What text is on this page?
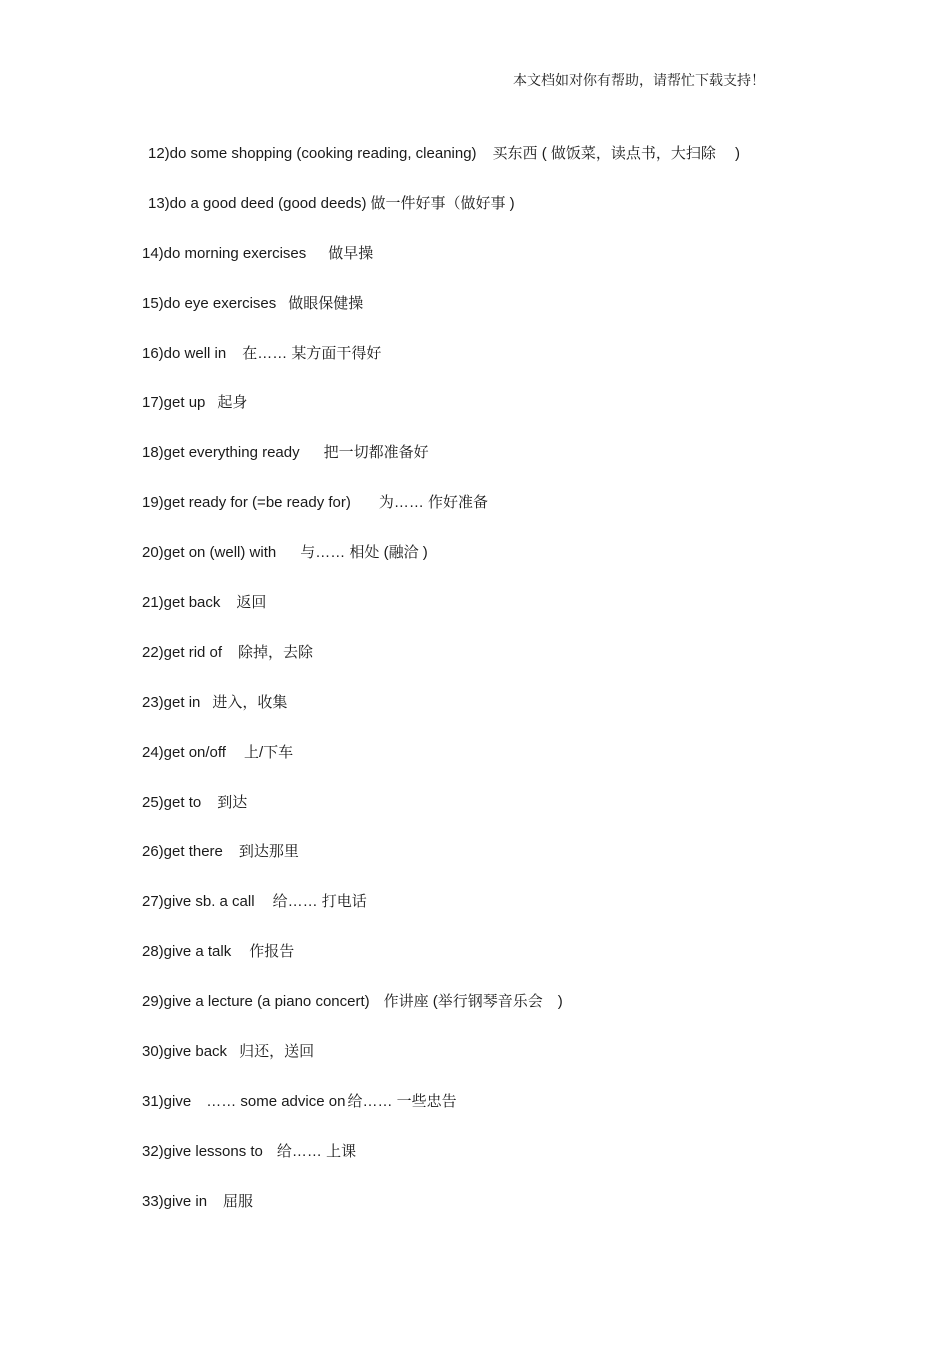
本文档如对你有帮助，请帮忙下载支持！
12)do some shopping (cooking reading, cleaning) 买东西 ( 做饭菜，读点书，大扫除　 )
13)do a good deed (good deeds) 做一件好事（做好事 )
14)do morning exercises 做早操
15)do eye exercises 做眼保健操
16)do well in 在…… 某方面干得好
17)get up 起身
18)get everything ready 把一切都准备好
19)get ready for (=be ready for) 为…… 作好准备
20)get on (well) with 与…… 相处 (融洽 )
21)get back 返回
22)get rid of 除掉，去除
23)get in 进入，收集
24)get on/off 上/下车
25)get to 到达
26)get there 到达那里
27)give sb. a call 给…… 打电话
28)give a talk 作报告
29)give a lecture (a piano concert) 作讲座 (举行钢琴音乐会　)
30)give back 归还，送回
31)give　…… some advice on 给…… 一些忠告
32)give lessons to 给…… 上课
33)give in 屈服
